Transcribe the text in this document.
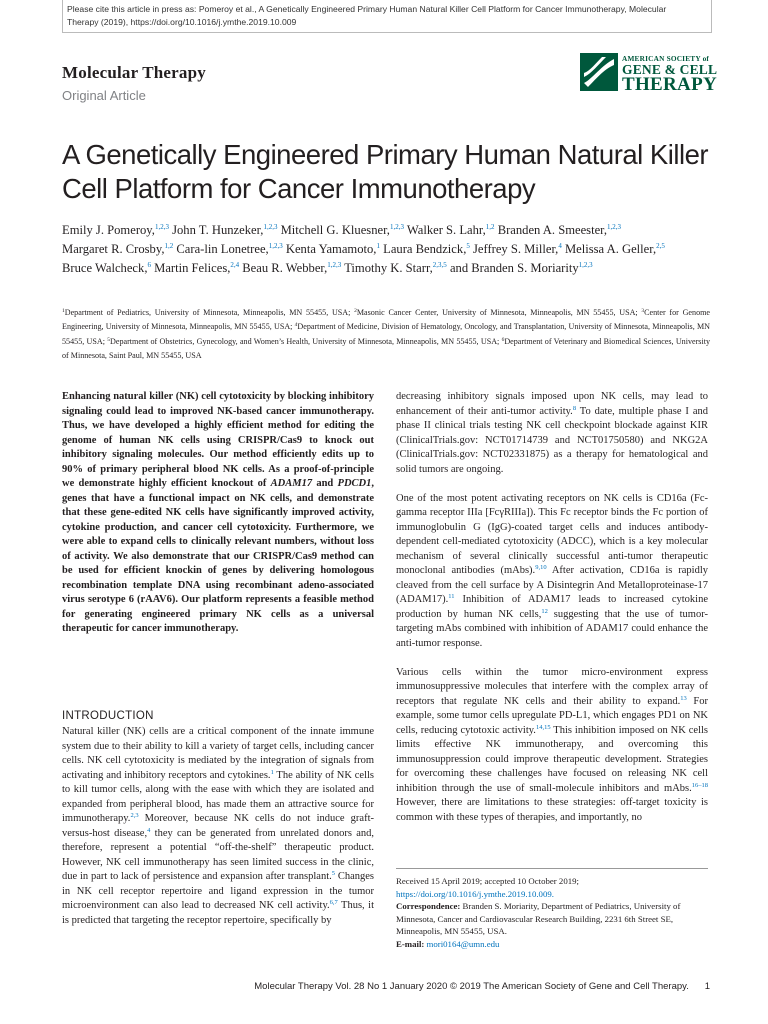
Please cite this article in press as: Pomeroy et al., A Genetically Engineered Primary Human Natural Killer Cell Platform for Cancer Immunotherapy, Molecular
Therapy (2019), https://doi.org/10.1016/j.ymthe.2019.10.009
Molecular Therapy
Original Article
AMERICAN SOCIETY of
GENE & CELL
THERAPY
A Genetically Engineered Primary Human Natural Killer Cell Platform for Cancer Immunotherapy
Emily J. Pomeroy,$^{1,2,3}$ John T. Hunzeker,$^{1,2,3}$ Mitchell G. Kluesner,$^{1,2,3}$ Walker S. Lahr,$^{1,2}$ Branden A. Smeester,$^{1,2,3}$ Margaret R. Crosby,$^{1,2}$ Cara-lin Lonetree,$^{1,2,3}$ Kenta Yamamoto,$^1$ Laura Bendzick,$^5$ Jeffrey S. Miller,$^4$ Melissa A. Geller,$^{2,5}$ Bruce Walcheck,$^6$ Martin Felices,$^{2,4}$ Beau R. Webber,$^{1,2,3}$ Timothy K. Starr,$^{2,3,5}$ and Branden S. Moriarity$^{1,2,3}$
$^1$Department of Pediatrics, University of Minnesota, Minneapolis, MN 55455, USA; $^2$Masonic Cancer Center, University of Minnesota, Minneapolis, MN 55455, USA; $^3$Center for Genome Engineering, University of Minnesota, Minneapolis, MN 55455, USA; $^4$Department of Medicine, Division of Hematology, Oncology, and Transplantation, University of Minnesota, Minneapolis, MN 55455, USA; $^5$Department of Obstetrics, Gynecology, and Women’s Health, University of Minnesota, Minneapolis, MN 55455, USA; $^6$Department of Veterinary and Biomedical Sciences, University of Minnesota, Saint Paul, MN 55455, USA
Enhancing natural killer (NK) cell cytotoxicity by blocking inhibitory signaling could lead to improved NK-based cancer immunotherapy. Thus, we have developed a highly efficient method for editing the genome of human NK cells using CRISPR/Cas9 to knock out inhibitory signaling molecules. Our method efficiently edits up to 90% of primary peripheral blood NK cells. As a proof-of-principle we demonstrate highly efficient knockout of ADAM17 and PDCD1, genes that have a functional impact on NK cells, and demonstrate that these gene-edited NK cells have significantly improved activity, cytokine production, and cancer cell cytotoxicity. Furthermore, we were able to expand cells to clinically relevant numbers, without loss of activity. We also demonstrate that our CRISPR/Cas9 method can be used for efficient knockin of genes by delivering homologous recombination template DNA using recombinant adeno-associated virus serotype 6 (rAAV6). Our platform represents a feasible method for generating engineered primary NK cells as a universal therapeutic for cancer immunotherapy.
INTRODUCTION
Natural killer (NK) cells are a critical component of the innate immune system due to their ability to kill a variety of target cells, including cancer cells. NK cell cytotoxicity is mediated by the integration of signals from activating and inhibitory receptors and cytokines.$^1$ The ability of NK cells to kill tumor cells, along with the ease with which they are isolated and expanded from peripheral blood, has made them an attractive source for immunotherapy.$^{2,3}$ Moreover, because NK cells do not induce graft-versus-host disease,$^4$ they can be generated from unrelated donors and, therefore, represent a potential “off-the-shelf” therapeutic product. However, NK cell immunotherapy has seen limited success in the clinic, due in part to lack of persistence and expansion after transplant.$^5$ Changes in NK cell receptor repertoire and ligand expression in the tumor microenvironment can also lead to decreased NK cell activity.$^{6,7}$ Thus, it is predicted that targeting the receptor repertoire, specifically by

decreasing inhibitory signals imposed upon NK cells, may lead to enhancement of their anti-tumor activity.$^8$ To date, multiple phase I and phase II clinical trials testing NK cell checkpoint blockade against KIR (ClinicalTrials.gov: NCT01714739 and NCT01750580) and NKG2A (ClinicalTrials.gov: NCT02331875) as a therapy for hematological and solid tumors are ongoing.

One of the most potent activating receptors on NK cells is CD16a (Fc-gamma receptor IIIa [FcγRIIIa]). This Fc receptor binds the Fc portion of immunoglobulin G (IgG)-coated target cells and induces antibody-dependent cell-mediated cytotoxicity (ADCC), which is a key molecular mechanism of several clinically successful anti-tumor therapeutic monoclonal antibodies (mAbs).$^{9,10}$ After activation, CD16a is rapidly cleaved from the cell surface by A Disintegrin And Metalloproteinase-17 (ADAM17).$^{11}$ Inhibition of ADAM17 leads to increased cytokine production by human NK cells,$^{12}$ suggesting that the use of tumor-targeting mAbs combined with inhibition of ADAM17 could enhance the anti-tumor response.

Various cells within the tumor micro-environment express immunosuppressive molecules that interfere with the complex array of receptors that regulate NK cells and their ability to expand.$^{13}$ For example, some tumor cells upregulate PD-L1, which engages PD1 on NK cells, reducing cytotoxic activity.$^{14,15}$ This inhibition imposed on NK cells limits effective NK immunotherapy, and overcoming this immunosuppression could improve therapeutic development. Strategies for overcoming these challenges have focused on releasing NK cell inhibition through the use of small-molecule inhibitors and mAbs.$^{16-18}$ However, there are limitations to these strategies: off-target toxicity is common with these types of therapies, and importantly, no

Received 15 April 2019; accepted 10 October 2019;
https://doi.org/10.1016/j.ymthe.2019.10.009.
Correspondence: Branden S. Moriarity, Department of Pediatrics, University of Minnesota, Cancer and Cardiovascular Research Building, 2231 6th Street SE, Minneapolis, MN 55455, USA.
E-mail: mori0164@umn.edu
Molecular Therapy Vol. 28 No 1 January 2020 © 2019 The American Society of Gene and Cell Therapy. 1
